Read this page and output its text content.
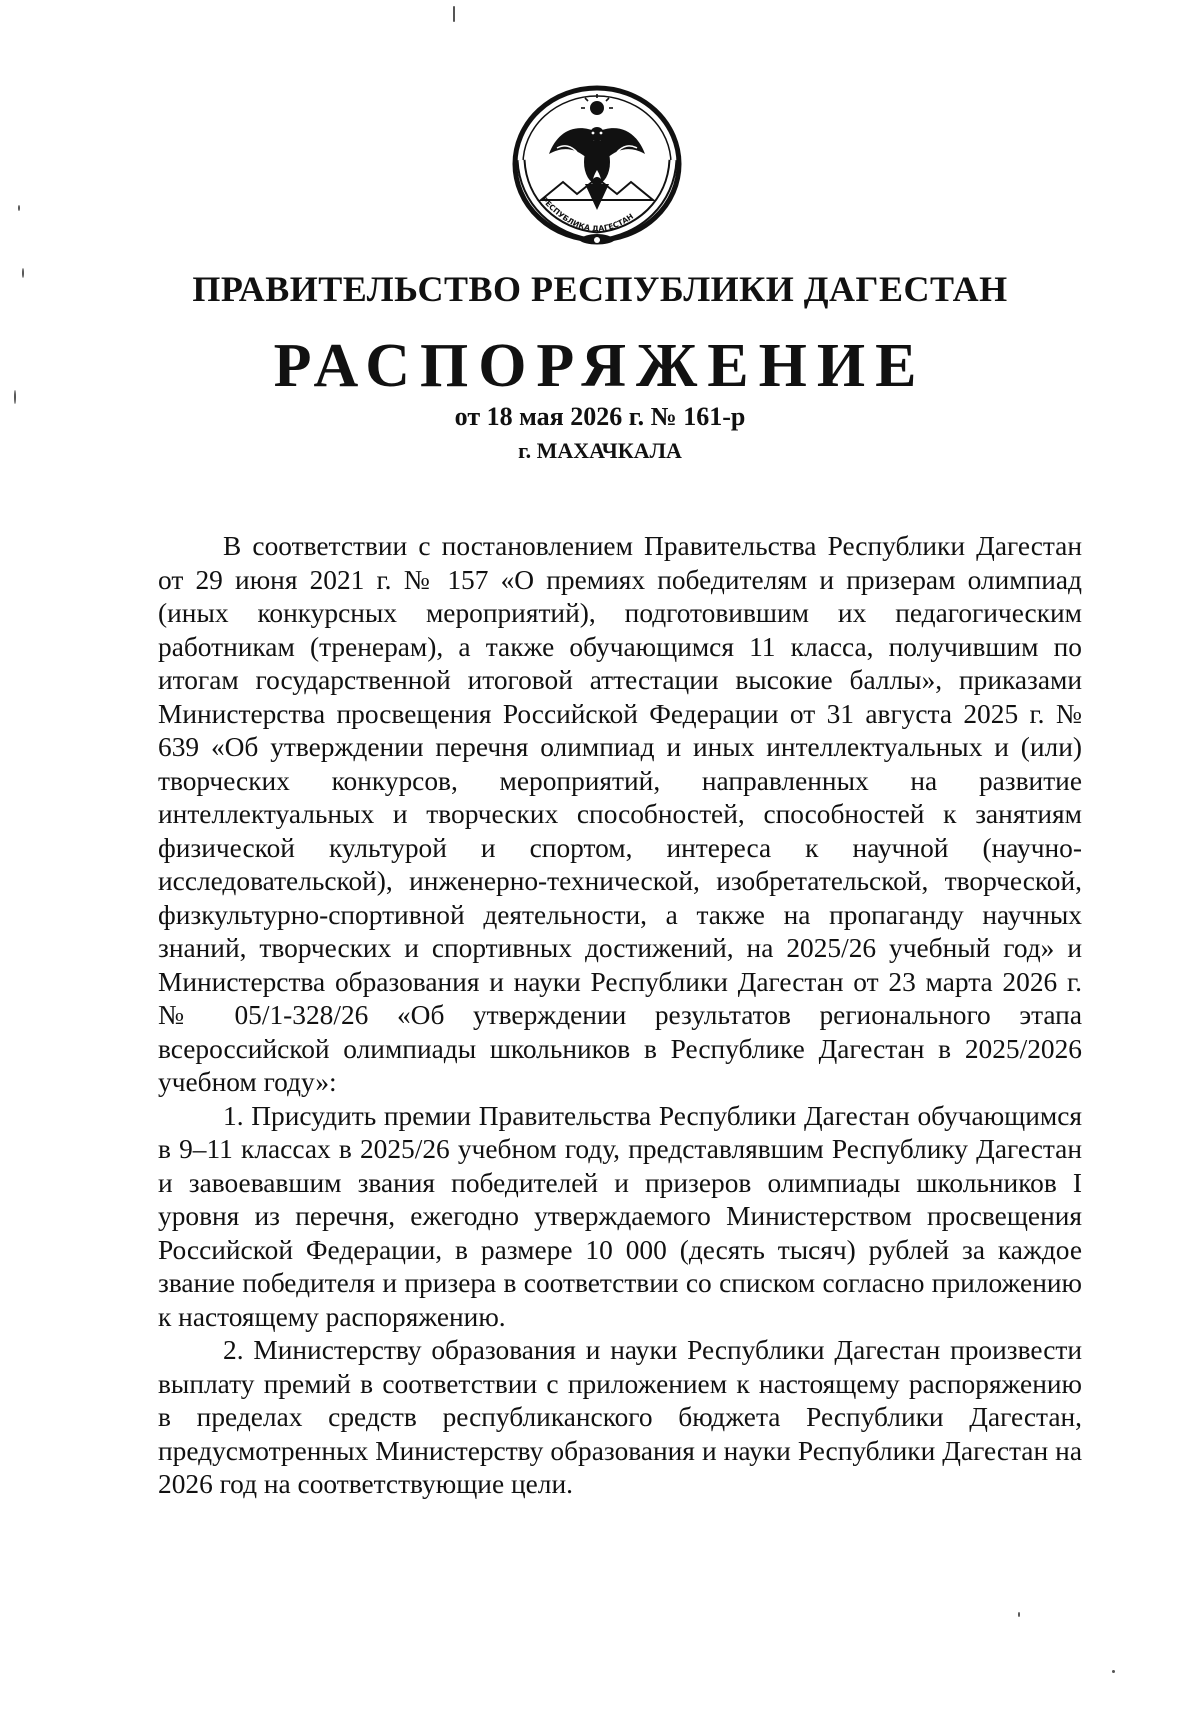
РЕСПУБЛИКА ДАГЕСТАН
ПРАВИТЕЛЬСТВО РЕСПУБЛИКИ ДАГЕСТАН
РАСПОРЯЖЕНИЕ
от 18 мая 2026 г. № 161-р
г. МАХАЧКАЛА

В соответствии с постановлением Правительства Республики Дагестан от 29 июня 2021 г. № 157 «О премиях победителям и призерам олимпиад (иных конкурсных мероприятий), подготовившим их педагогическим работникам (тренерам), а также обучающимся 11 класса, получившим по итогам государственной итоговой аттестации высокие баллы», приказами Министерства просвещения Российской Федерации от 31 августа 2025 г. № 639 «Об утверждении перечня олимпиад и иных интеллектуальных и (или) творческих конкурсов, мероприятий, направленных на развитие интеллектуальных и творческих способностей, способностей к занятиям физической культурой и спортом, интереса к научной (научно-исследовательской), инженерно-технической, изобретательской, творческой, физкультурно-спортивной деятельности, а также на пропаганду научных знаний, творческих и спортивных достижений, на 2025/26 учебный год» и Министерства образования и науки Республики Дагестан от 23 марта 2026 г. № 05/1-328/26 «Об утверждении результатов регионального этапа всероссийской олимпиады школьников в Республике Дагестан в 2025/2026 учебном году»:

1. Присудить премии Правительства Республики Дагестан обучающимся в 9–11 классах в 2025/26 учебном году, представлявшим Республику Дагестан и завоевавшим звания победителей и призеров олимпиады школьников I уровня из перечня, ежегодно утверждаемого Министерством просвещения Российской Федерации, в размере 10 000 (десять тысяч) рублей за каждое звание победителя и призера в соответствии со списком согласно приложению к настоящему распоряжению.

2. Министерству образования и науки Республики Дагестан произвести выплату премий в соответствии с приложением к настоящему распоряжению в пределах средств республиканского бюджета Республики Дагестан, предусмотренных Министерству образования и науки Республики Дагестан на 2026 год на соответствующие цели.
